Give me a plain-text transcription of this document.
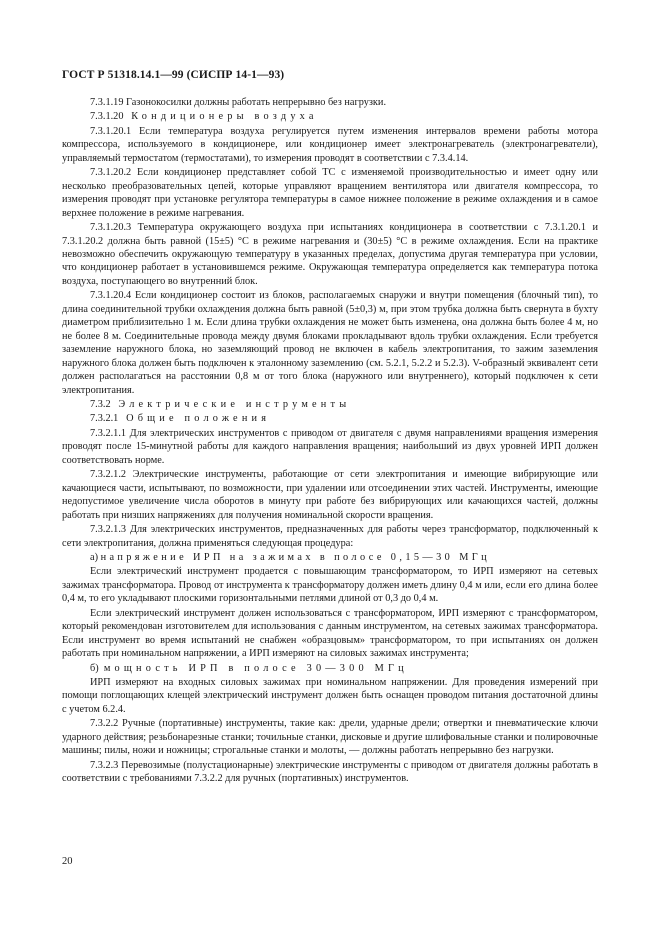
ГОСТ Р 51318.14.1—99 (СИСПР 14-1—93)

7.3.1.19 Газонокосилки должны работать непрерывно без нагрузки.

7.3.1.20 Кондиционеры воздуха

7.3.1.20.1 Если температура воздуха регулируется путем изменения интервалов времени работы мотора компрессора, используемого в кондиционере, или кондиционер имеет электронагреватель (электронагреватели), управляемый термостатом (термостатами), то измерения проводят в соответствии с 7.3.4.14.

7.3.1.20.2 Если кондиционер представляет собой ТС с изменяемой производительностью и имеет одну или несколько преобразовательных цепей, которые управляют вращением вентилятора или двигателя компрессора, то измерения проводят при установке регулятора температуры в самое нижнее положение в режиме охлаждения и в самое верхнее положение в режиме нагревания.

7.3.1.20.3 Температура окружающего воздуха при испытаниях кондиционера в соответствии с 7.3.1.20.1 и 7.3.1.20.2 должна быть равной (15±5) °С в режиме нагревания и (30±5) °С в режиме охлаждения. Если на практике невозможно обеспечить окружающую температуру в указанных пределах, допустима другая температура при условии, что кондиционер работает в установившемся режиме. Окружающая температура определяется как температура потока воздуха, поступающего во внутренний блок.

7.3.1.20.4 Если кондиционер состоит из блоков, располагаемых снаружи и внутри помещения (блочный тип), то длина соединительной трубки охлаждения должна быть равной (5±0,3) м, при этом трубка должна быть свернута в бухту диаметром приблизительно 1 м. Если длина трубки охлаждения не может быть изменена, она должна быть более 4 м, но не более 8 м. Соединительные провода между двумя блоками прокладывают вдоль трубки охлаждения. Если требуется заземление наружного блока, но заземляющий провод не включен в кабель электропитания, то зажим заземления наружного блока должен быть подключен к эталонному заземлению (см. 5.2.1, 5.2.2 и 5.2.3). V-образный эквивалент сети должен располагаться на расстоянии 0,8 м от того блока (наружного или внутреннего), который подключен к сети электропитания.

7.3.2 Электрические инструменты

7.3.2.1 Общие положения

7.3.2.1.1 Для электрических инструментов с приводом от двигателя с двумя направлениями вращения измерения проводят после 15-минутной работы для каждого направления вращения; наибольший из двух уровней ИРП должен соответствовать норме.

7.3.2.1.2 Электрические инструменты, работающие от сети электропитания и имеющие вибрирующие или качающиеся части, испытывают, по возможности, при удалении или отсоединении этих частей. Инструменты, имеющие недопустимое увеличение числа оборотов в минуту при работе без вибрирующих или качающихся частей, должны работать при низших напряжениях для получения номинальной скорости вращения.

7.3.2.1.3 Для электрических инструментов, предназначенных для работы через трансформатор, подключенный к сети электропитания, должна применяться следующая процедура:

а) напряжение ИРП на зажимах в полосе 0,15—30 МГц

Если электрический инструмент продается с повышающим трансформатором, то ИРП измеряют на сетевых зажимах трансформатора. Провод от инструмента к трансформатору должен иметь длину 0,4 м или, если его длина более 0,4 м, то его укладывают плоскими горизонтальными петлями длиной от 0,3 до 0,4 м.

Если электрический инструмент должен использоваться с трансформатором, ИРП измеряют с трансформатором, который рекомендован изготовителем для использования с данным инструментом, на сетевых зажимах трансформатора. Если инструмент во время испытаний не снабжен «образцовым» трансформатором, то при испытаниях он должен работать при номинальном напряжении, а ИРП измеряют на силовых зажимах инструмента;

б) мощность ИРП в полосе 30—300 МГц

ИРП измеряют на входных силовых зажимах при номинальном напряжении. Для проведения измерений при помощи поглощающих клещей электрический инструмент должен быть оснащен проводом питания достаточной длины с учетом 6.2.4.

7.3.2.2 Ручные (портативные) инструменты, такие как: дрели, ударные дрели; отвертки и пневматические ключи ударного действия; резьбонарезные станки; точильные станки, дисковые и другие шлифовальные станки и полировочные машины; пилы, ножи и ножницы; строгальные станки и молоты, — должны работать непрерывно без нагрузки.

7.3.2.3 Перевозимые (полустационарные) электрические инструменты с приводом от двигателя должны работать в соответствии с требованиями 7.3.2.2 для ручных (портативных) инструментов.

20
